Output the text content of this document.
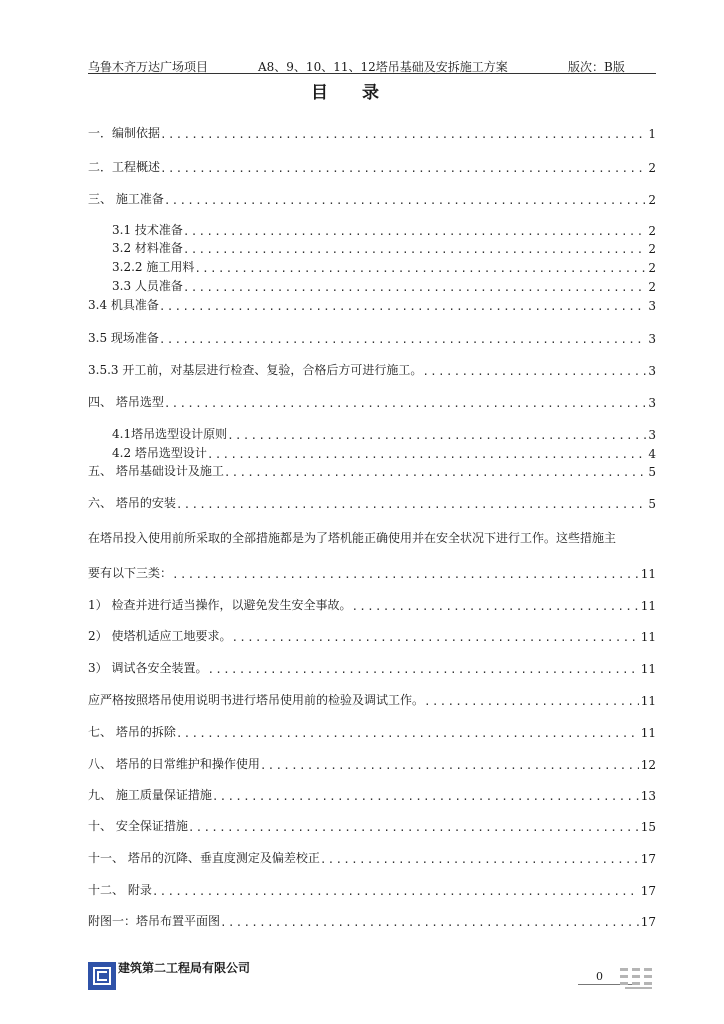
乌鲁木齐万达广场项目	A8、9、10、11、12塔吊基础及安拆施工方案	版次：B版
目录
一．编制依据 .....	1
二．工程概述 .....	2
三、 施工准备 .....	2
3.1 技术准备 .....	2
3.2 材料准备 .....	2
3.2.2 施工用料 .....	2
3.3 人员准备 .....	2
3.4 机具准备 .....	3
3.5 现场准备 .....	3
3.5.3 开工前，对基层进行检查、复验，合格后方可进行施工。 .....	3
四、 塔吊选型 .....	3
4.1塔吊选型设计原则 .....	3
4.2 塔吊选型设计 .....	4
五、 塔吊基础设计及施工 .....	5
六、 塔吊的安装 .....	5
在塔吊投入使用前所采取的全部措施都是为了塔机能正确使用并在安全状况下进行工作。这些措施主
要有以下三类： .....	11
1） 检查并进行适当操作，以避免发生安全事故。 .....	11
2） 使塔机适应工地要求。 .....	11
3） 调试各安全装置。 .....	11
应严格按照塔吊使用说明书进行塔吊使用前的检验及调试工作。 .....	11
七、 塔吊的拆除 .....	11
八、 塔吊的日常维护和操作使用 .....	12
九、 施工质量保证措施 .....	13
十、 安全保证措施 .....	15
十一、 塔吊的沉降、垂直度测定及偏差校正 .....	17
十二、 附录 .....	17
附图一：塔吊布置平面图 .....	17
建筑第二工程局有限公司
0
